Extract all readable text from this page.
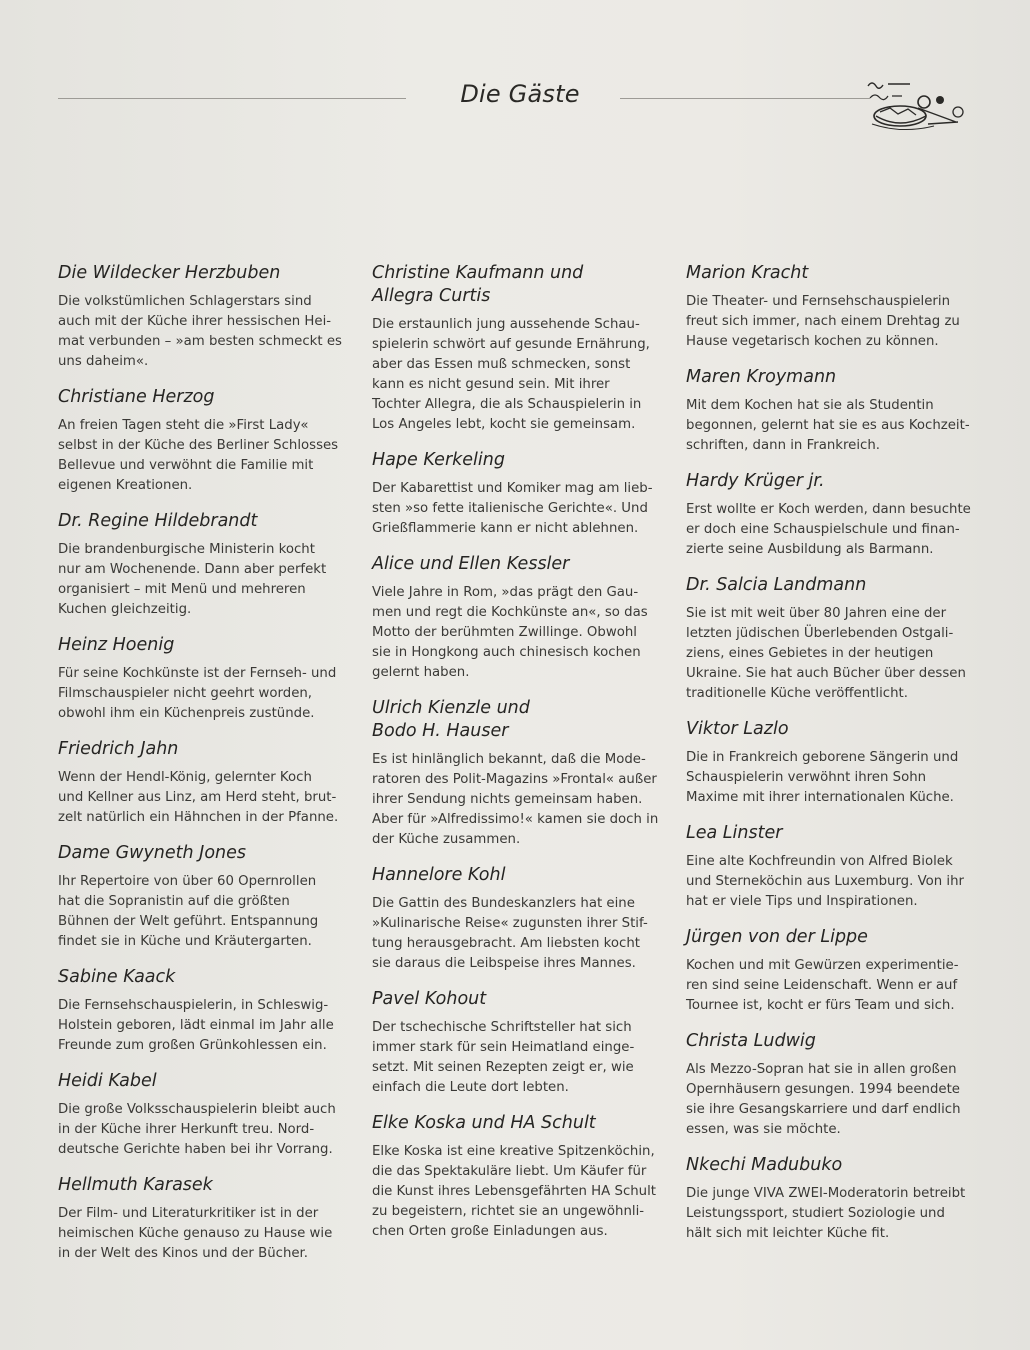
Die Gäste
Die Wildecker Herzbuben

Die volkstümlichen Schlagerstars sind
auch mit der Küche ihrer hessischen Hei-
mat verbunden – »am besten schmeckt es
uns daheim«.

Christiane Herzog

An freien Tagen steht die »First Lady«
selbst in der Küche des Berliner Schlosses
Bellevue und verwöhnt die Familie mit
eigenen Kreationen.

Dr. Regine Hildebrandt

Die brandenburgische Ministerin kocht
nur am Wochenende. Dann aber perfekt
organisiert – mit Menü und mehreren
Kuchen gleichzeitig.

Heinz Hoenig

Für seine Kochkünste ist der Fernseh- und
Filmschauspieler nicht geehrt worden,
obwohl ihm ein Küchenpreis zustünde.

Friedrich Jahn

Wenn der Hendl-König, gelernter Koch
und Kellner aus Linz, am Herd steht, brut-
zelt natürlich ein Hähnchen in der Pfanne.

Dame Gwyneth Jones

Ihr Repertoire von über 60 Opernrollen
hat die Sopranistin auf die größten
Bühnen der Welt geführt. Entspannung
findet sie in Küche und Kräutergarten.

Sabine Kaack

Die Fernsehschauspielerin, in Schleswig-
Holstein geboren, lädt einmal im Jahr alle
Freunde zum großen Grünkohlessen ein.

Heidi Kabel

Die große Volksschauspielerin bleibt auch
in der Küche ihrer Herkunft treu. Nord-
deutsche Gerichte haben bei ihr Vorrang.

Hellmuth Karasek

Der Film- und Literaturkritiker ist in der
heimischen Küche genauso zu Hause wie
in der Welt des Kinos und der Bücher.

Christine Kaufmann und
Allegra Curtis

Die erstaunlich jung aussehende Schau-
spielerin schwört auf gesunde Ernährung,
aber das Essen muß schmecken, sonst
kann es nicht gesund sein. Mit ihrer
Tochter Allegra, die als Schauspielerin in
Los Angeles lebt, kocht sie gemeinsam.

Hape Kerkeling

Der Kabarettist und Komiker mag am lieb-
sten »so fette italienische Gerichte«. Und
Grießflammerie kann er nicht ablehnen.

Alice und Ellen Kessler

Viele Jahre in Rom, »das prägt den Gau-
men und regt die Kochkünste an«, so das
Motto der berühmten Zwillinge. Obwohl
sie in Hongkong auch chinesisch kochen
gelernt haben.

Ulrich Kienzle und
Bodo H. Hauser

Es ist hinlänglich bekannt, daß die Mode-
ratoren des Polit-Magazins »Frontal« außer
ihrer Sendung nichts gemeinsam haben.
Aber für »Alfredissimo!« kamen sie doch in
der Küche zusammen.

Hannelore Kohl

Die Gattin des Bundeskanzlers hat eine
»Kulinarische Reise« zugunsten ihrer Stif-
tung herausgebracht. Am liebsten kocht
sie daraus die Leibspeise ihres Mannes.

Pavel Kohout

Der tschechische Schriftsteller hat sich
immer stark für sein Heimatland einge-
setzt. Mit seinen Rezepten zeigt er, wie
einfach die Leute dort lebten.

Elke Koska und HA Schult

Elke Koska ist eine kreative Spitzenköchin,
die das Spektakuläre liebt. Um Käufer für
die Kunst ihres Lebensgefährten HA Schult
zu begeistern, richtet sie an ungewöhnli-
chen Orten große Einladungen aus.

Marion Kracht

Die Theater- und Fernsehschauspielerin
freut sich immer, nach einem Drehtag zu
Hause vegetarisch kochen zu können.

Maren Kroymann

Mit dem Kochen hat sie als Studentin
begonnen, gelernt hat sie es aus Kochzeit-
schriften, dann in Frankreich.

Hardy Krüger jr.

Erst wollte er Koch werden, dann besuchte
er doch eine Schauspielschule und finan-
zierte seine Ausbildung als Barmann.

Dr. Salcia Landmann

Sie ist mit weit über 80 Jahren eine der
letzten jüdischen Überlebenden Ostgali-
ziens, eines Gebietes in der heutigen
Ukraine. Sie hat auch Bücher über dessen
traditionelle Küche veröffentlicht.

Viktor Lazlo

Die in Frankreich geborene Sängerin und
Schauspielerin verwöhnt ihren Sohn
Maxime mit ihrer internationalen Küche.

Lea Linster

Eine alte Kochfreundin von Alfred Biolek
und Sterneköchin aus Luxemburg. Von ihr
hat er viele Tips und Inspirationen.

Jürgen von der Lippe

Kochen und mit Gewürzen experimentie-
ren sind seine Leidenschaft. Wenn er auf
Tournee ist, kocht er fürs Team und sich.

Christa Ludwig

Als Mezzo-Sopran hat sie in allen großen
Opernhäusern gesungen. 1994 beendete
sie ihre Gesangskarriere und darf endlich
essen, was sie möchte.

Nkechi Madubuko

Die junge VIVA ZWEI-Moderatorin betreibt
Leistungssport, studiert Soziologie und
hält sich mit leichter Küche fit.
